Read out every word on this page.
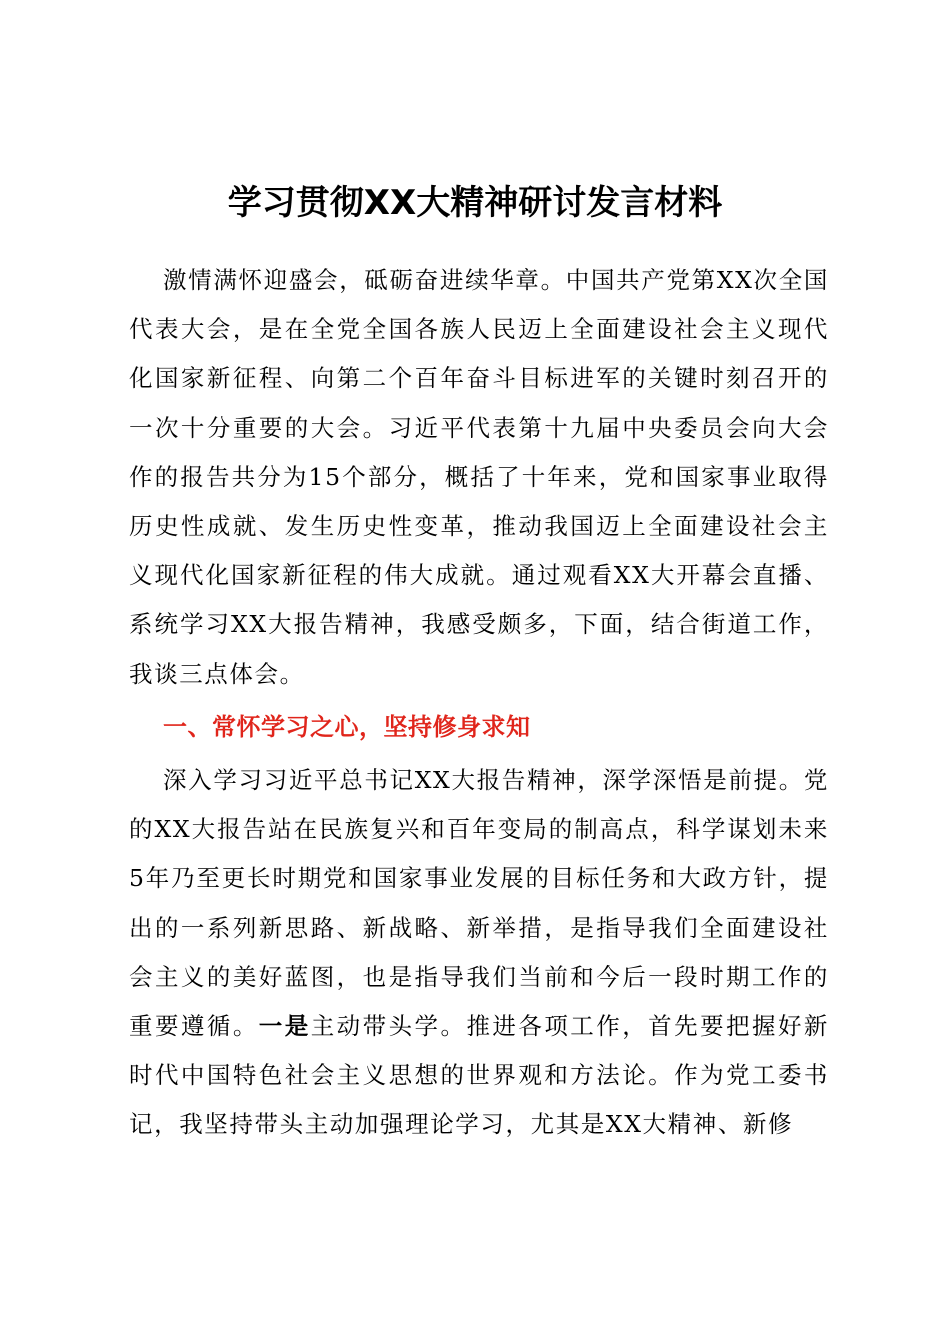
学习贯彻XX大精神研讨发言材料
激情满怀迎盛会，砥砺奋进续华章。中国共产党第XX次全国代表大会，是在全党全国各族人民迈上全面建设社会主义现代化国家新征程、向第二个百年奋斗目标进军的关键时刻召开的一次十分重要的大会。习近平代表第十九届中央委员会向大会作的报告共分为15个部分，概括了十年来，党和国家事业取得历史性成就、发生历史性变革，推动我国迈上全面建设社会主义现代化国家新征程的伟大成就。通过观看XX大开幕会直播、系统学习XX大报告精神，我感受颇多，下面，结合街道工作，我谈三点体会。
一、常怀学习之心，坚持修身求知
深入学习习近平总书记XX大报告精神，深学深悟是前提。党的XX大报告站在民族复兴和百年变局的制高点，科学谋划未来5年乃至更长时期党和国家事业发展的目标任务和大政方针，提出的一系列新思路、新战略、新举措，是指导我们全面建设社会主义的美好蓝图，也是指导我们当前和今后一段时期工作的重要遵循。一是主动带头学。推进各项工作，首先要把握好新时代中国特色社会主义思想的世界观和方法论。作为党工委书记，我坚持带头主动加强理论学习，尤其是XX大精神、新修
